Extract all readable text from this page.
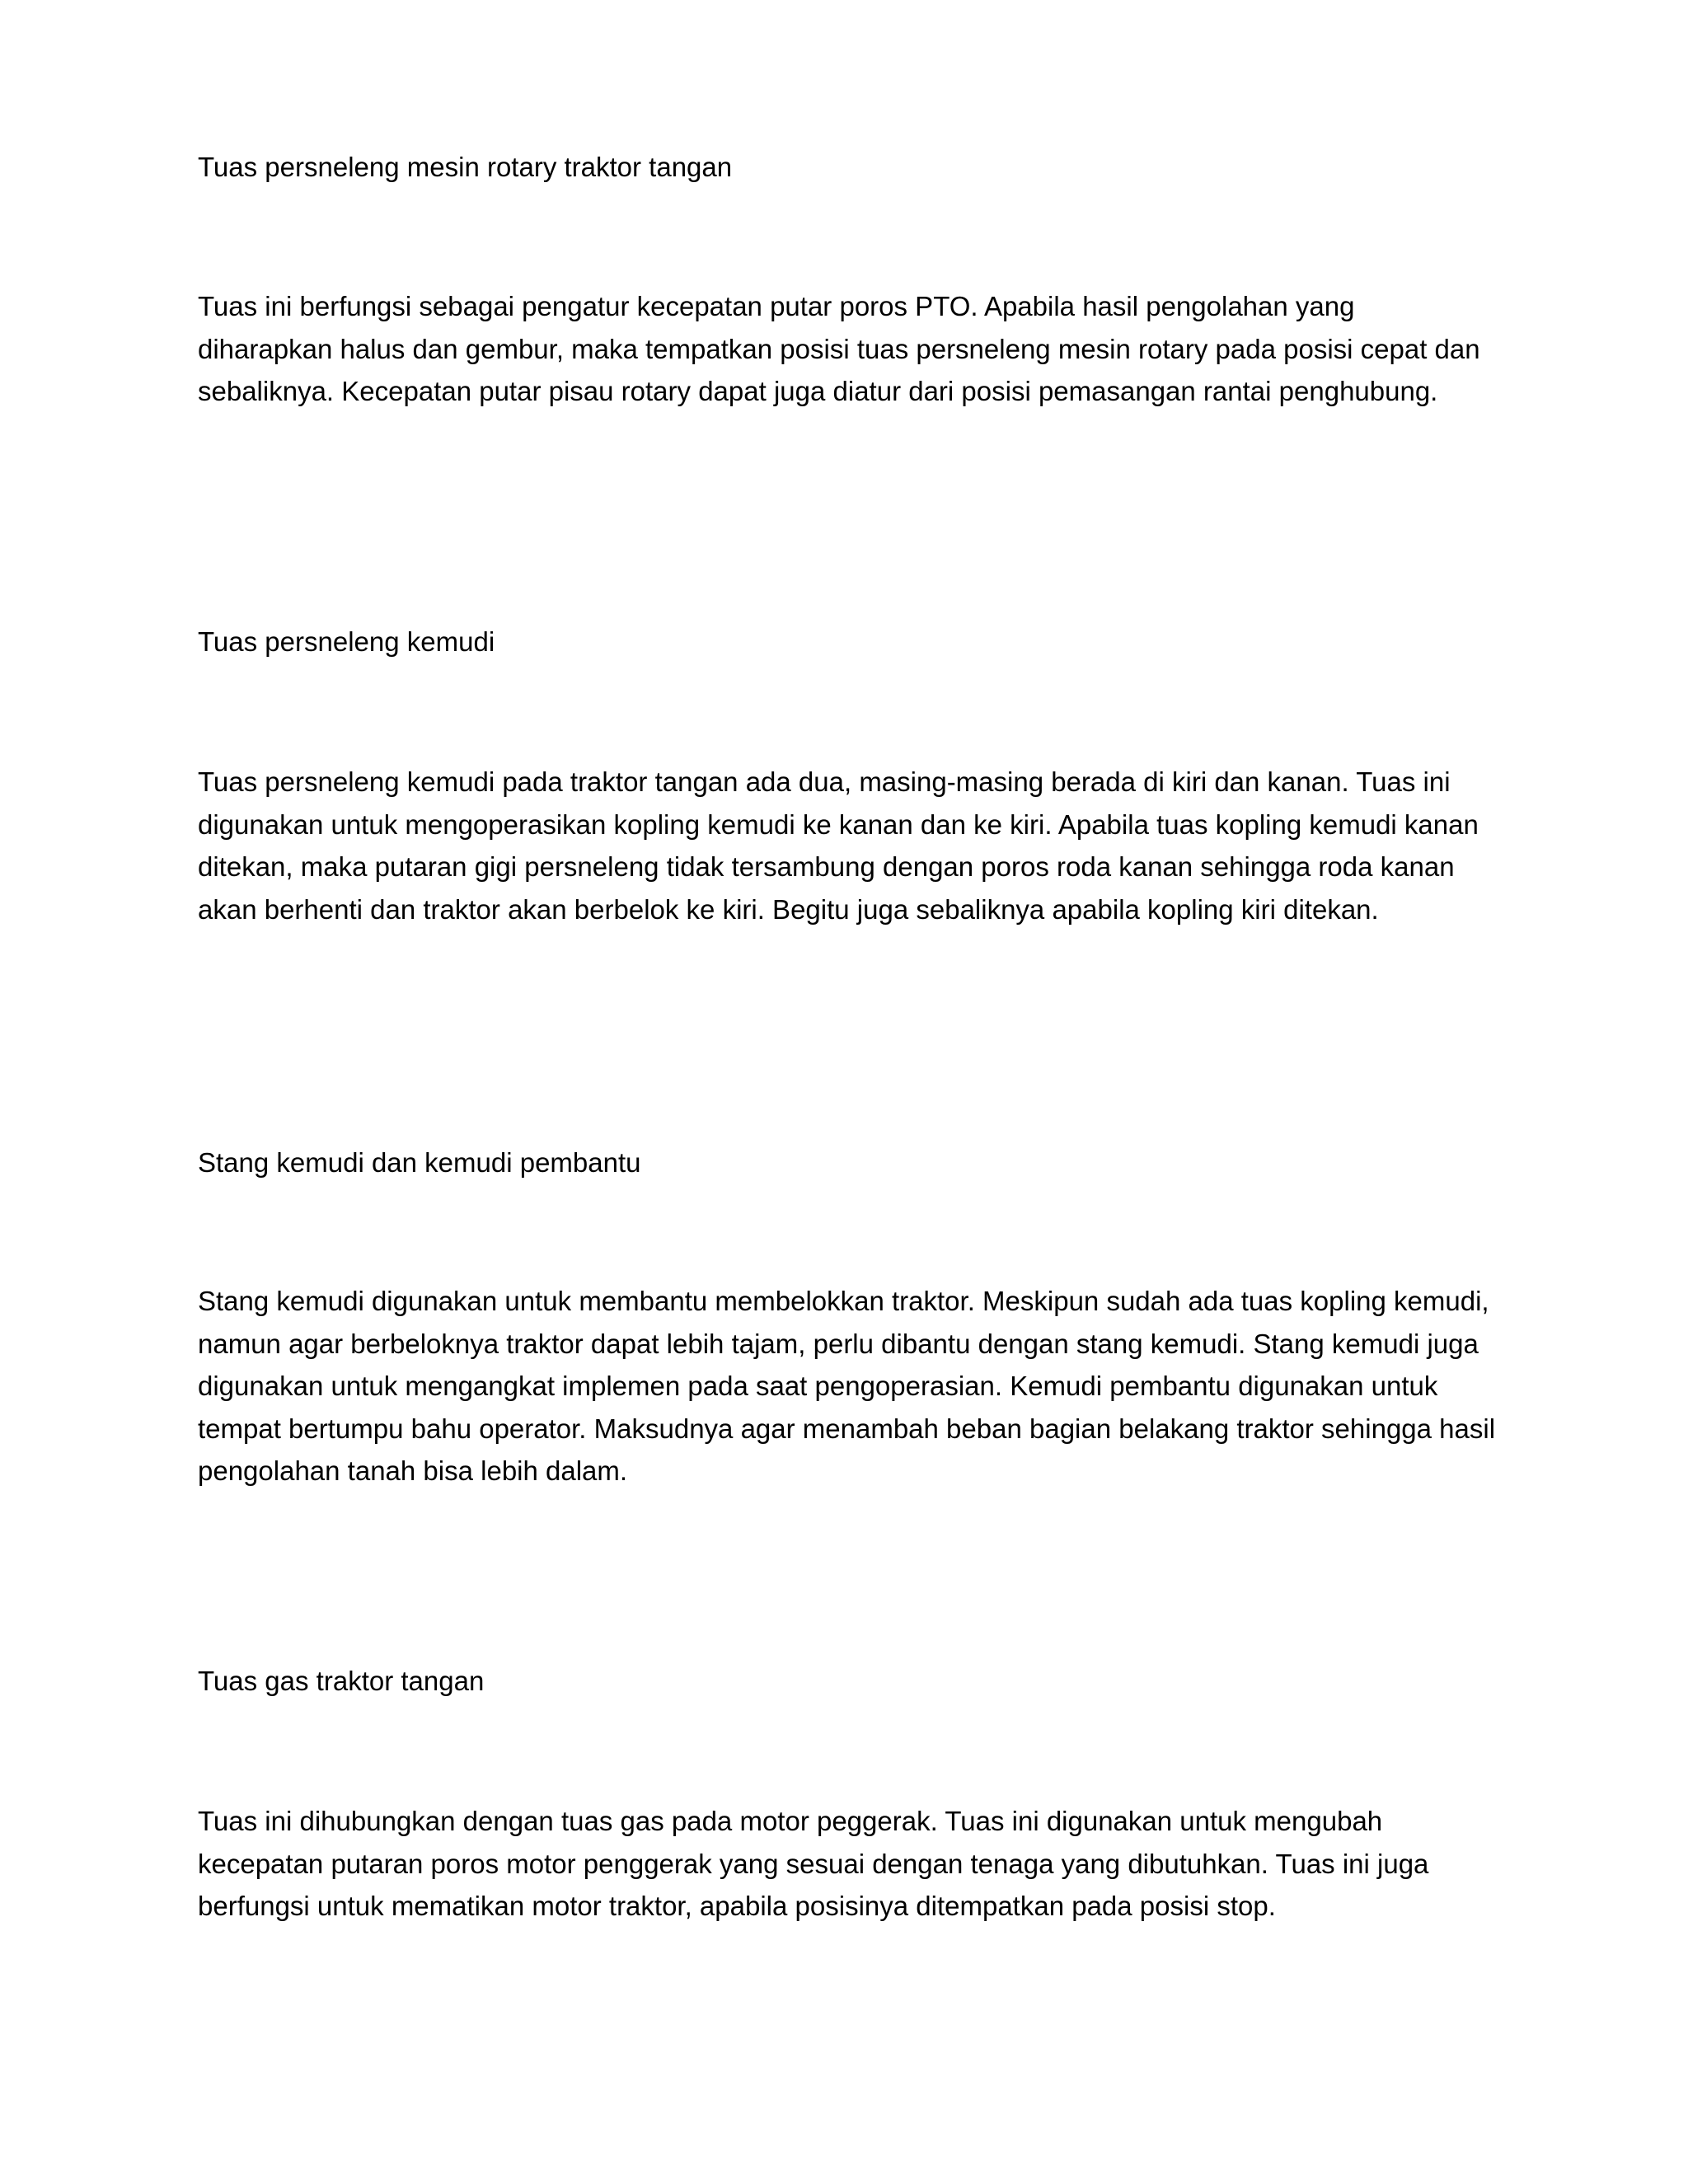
Tuas persneleng mesin rotary traktor tangan

Tuas ini berfungsi sebagai pengatur kecepatan putar poros PTO. Apabila hasil pengolahan yang diharapkan halus dan gembur, maka tempatkan posisi tuas persneleng mesin rotary pada posisi cepat dan sebaliknya. Kecepatan putar pisau rotary dapat juga diatur dari posisi pemasangan rantai penghubung.

Tuas persneleng kemudi

Tuas persneleng kemudi pada traktor tangan ada dua, masing-masing berada di kiri dan kanan. Tuas ini digunakan untuk mengoperasikan kopling kemudi ke kanan dan ke kiri. Apabila tuas kopling kemudi kanan ditekan, maka putaran gigi persneleng tidak tersambung dengan poros roda kanan sehingga roda kanan akan berhenti dan traktor akan berbelok ke kiri. Begitu juga sebaliknya apabila kopling kiri ditekan.

Stang kemudi dan kemudi pembantu

Stang kemudi digunakan untuk membantu membelokkan traktor. Meskipun sudah ada tuas kopling kemudi, namun agar berbeloknya traktor dapat lebih tajam, perlu dibantu dengan stang kemudi. Stang kemudi juga digunakan untuk mengangkat implemen pada saat pengoperasian. Kemudi pembantu digunakan untuk tempat bertumpu bahu operator. Maksudnya agar menambah beban bagian belakang traktor sehingga hasil pengolahan tanah bisa lebih dalam.

Tuas gas traktor tangan

Tuas ini dihubungkan dengan tuas gas pada motor peggerak. Tuas ini digunakan untuk mengubah kecepatan putaran poros motor penggerak yang sesuai dengan tenaga yang dibutuhkan. Tuas ini juga berfungsi untuk mematikan motor traktor, apabila posisinya ditempatkan pada posisi stop.
